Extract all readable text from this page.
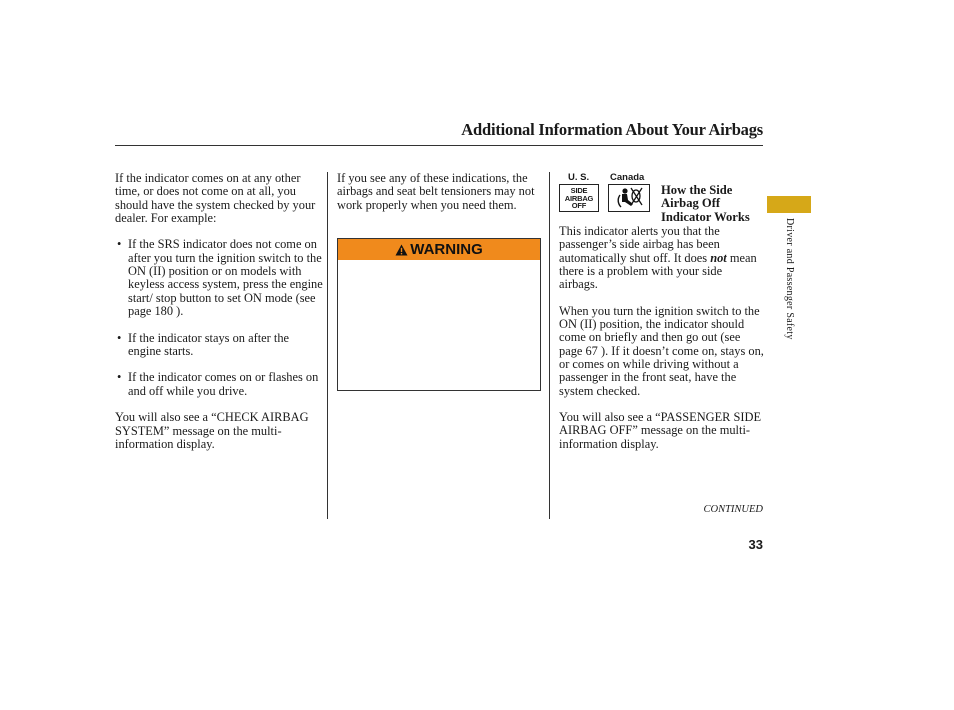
Additional Information About Your Airbags

If the indicator comes on at any other time, or does not come on at all, you should have the system checked by your dealer. For example:

• If the SRS indicator does not come on after you turn the ignition switch to the ON (II) position or on models with keyless access system, press the engine start/ stop button to set ON mode (see page 180 ).
• If the indicator stays on after the engine starts.
• If the indicator comes on or flashes on and off while you drive.

You will also see a “CHECK AIRBAG SYSTEM” message on the multi-information display.

If you see any of these indications, the airbags and seat belt tensioners may not work properly when you need them.

WARNING
U. S. Canada
SIDE
AIRBAG
OFF
How the Side Airbag Off Indicator Works

This indicator alerts you that the passenger’s side airbag has been automatically shut off. It does not mean there is a problem with your side airbags.

When you turn the ignition switch to the ON (II) position, the indicator should come on briefly and then go out (see page 67 ). If it doesn’t come on, stays on, or comes on while driving without a passenger in the front seat, have the system checked.

You will also see a “PASSENGER SIDE AIRBAG OFF” message on the multi-information display.

CONTINUED
33
Driver and Passenger Safety
